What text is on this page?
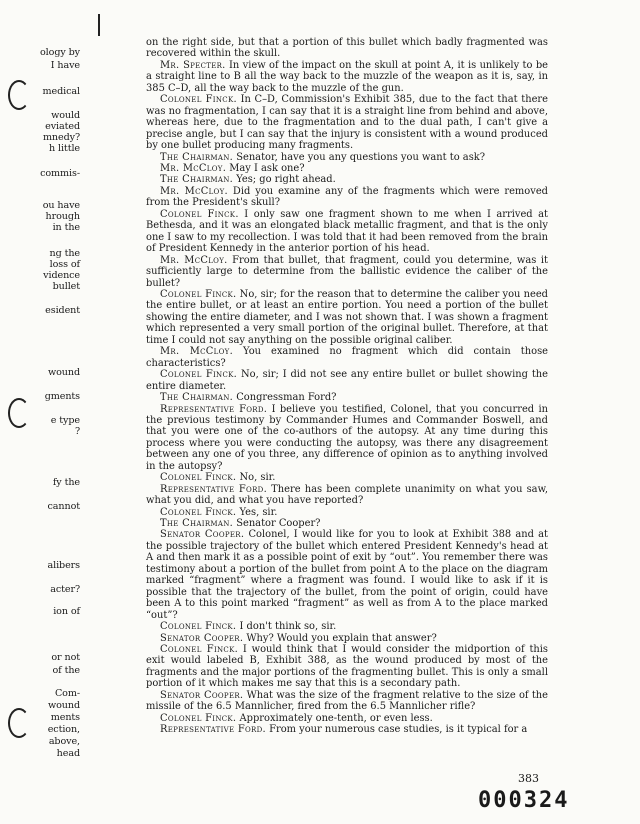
ology by
I have
medical
would
eviated
mnedy?
h little
commis-
ou have
hrough
in the
ng the
loss of
vidence
bullet
esident
wound
gments
e type
?
fy the
cannot
alibers
acter?
ion of
or not
of the
Com-
wound
ments
ection,
above,
head

on the right side, but that a portion of this bullet which badly fragmented was recovered within the skull.

Mr. Specter. In view of the impact on the skull at point A, it is unlikely to be a straight line to B all the way back to the muzzle of the weapon as it is, say, in 385 C–D, all the way back to the muzzle of the gun.

Colonel Finck. In C–D, Commission's Exhibit 385, due to the fact that there was no fragmentation, I can say that it is a straight line from behind and above, whereas here, due to the fragmentation and to the dual path, I can't give a precise angle, but I can say that the injury is consistent with a wound produced by one bullet producing many fragments.

The Chairman. Senator, have you any questions you want to ask?

Mr. McCloy. May I ask one?

The Chairman. Yes; go right ahead.

Mr. McCloy. Did you examine any of the fragments which were removed from the President's skull?

Colonel Finck. I only saw one fragment shown to me when I arrived at Bethesda, and it was an elongated black metallic fragment, and that is the only one I saw to my recollection. I was told that it had been removed from the brain of President Kennedy in the anterior portion of his head.

Mr. McCloy. From that bullet, that fragment, could you determine, was it sufficiently large to determine from the ballistic evidence the caliber of the bullet?

Colonel Finck. No, sir; for the reason that to determine the caliber you need the entire bullet, or at least an entire portion. You need a portion of the bullet showing the entire diameter, and I was not shown that. I was shown a fragment which represented a very small portion of the original bullet. Therefore, at that time I could not say anything on the possible original caliber.

Mr. McCloy. You examined no fragment which did contain those characteristics?

Colonel Finck. No, sir; I did not see any entire bullet or bullet showing the entire diameter.

The Chairman. Congressman Ford?

Representative Ford. I believe you testified, Colonel, that you concurred in the previous testimony by Commander Humes and Commander Boswell, and that you were one of the co-authors of the autopsy. At any time during this process where you were conducting the autopsy, was there any disagreement between any one of you three, any difference of opinion as to anything involved in the autopsy?

Colonel Finck. No, sir.

Representative Ford. There has been complete unanimity on what you saw, what you did, and what you have reported?

Colonel Finck. Yes, sir.

The Chairman. Senator Cooper?

Senator Cooper. Colonel, I would like for you to look at Exhibit 388 and at the possible trajectory of the bullet which entered President Kennedy's head at A and then mark it as a possible point of exit by “out”. You remember there was testimony about a portion of the bullet from point A to the place on the diagram marked “fragment” where a fragment was found. I would like to ask if it is possible that the trajectory of the bullet, from the point of origin, could have been A to this point marked “fragment” as well as from A to the place marked “out”?

Colonel Finck. I don't think so, sir.

Senator Cooper. Why? Would you explain that answer?

Colonel Finck. I would think that I would consider the midportion of this exit would labeled B, Exhibit 388, as the wound produced by most of the fragments and the major portions of the fragmenting bullet. This is only a small portion of it which makes me say that this is a secondary path.

Senator Cooper. What was the size of the fragment relative to the size of the missile of the 6.5 Mannlicher, fired from the 6.5 Mannlicher rifle?

Colonel Finck. Approximately one-tenth, or even less.

Representative Ford. From your numerous case studies, is it typical for a

383
000324
